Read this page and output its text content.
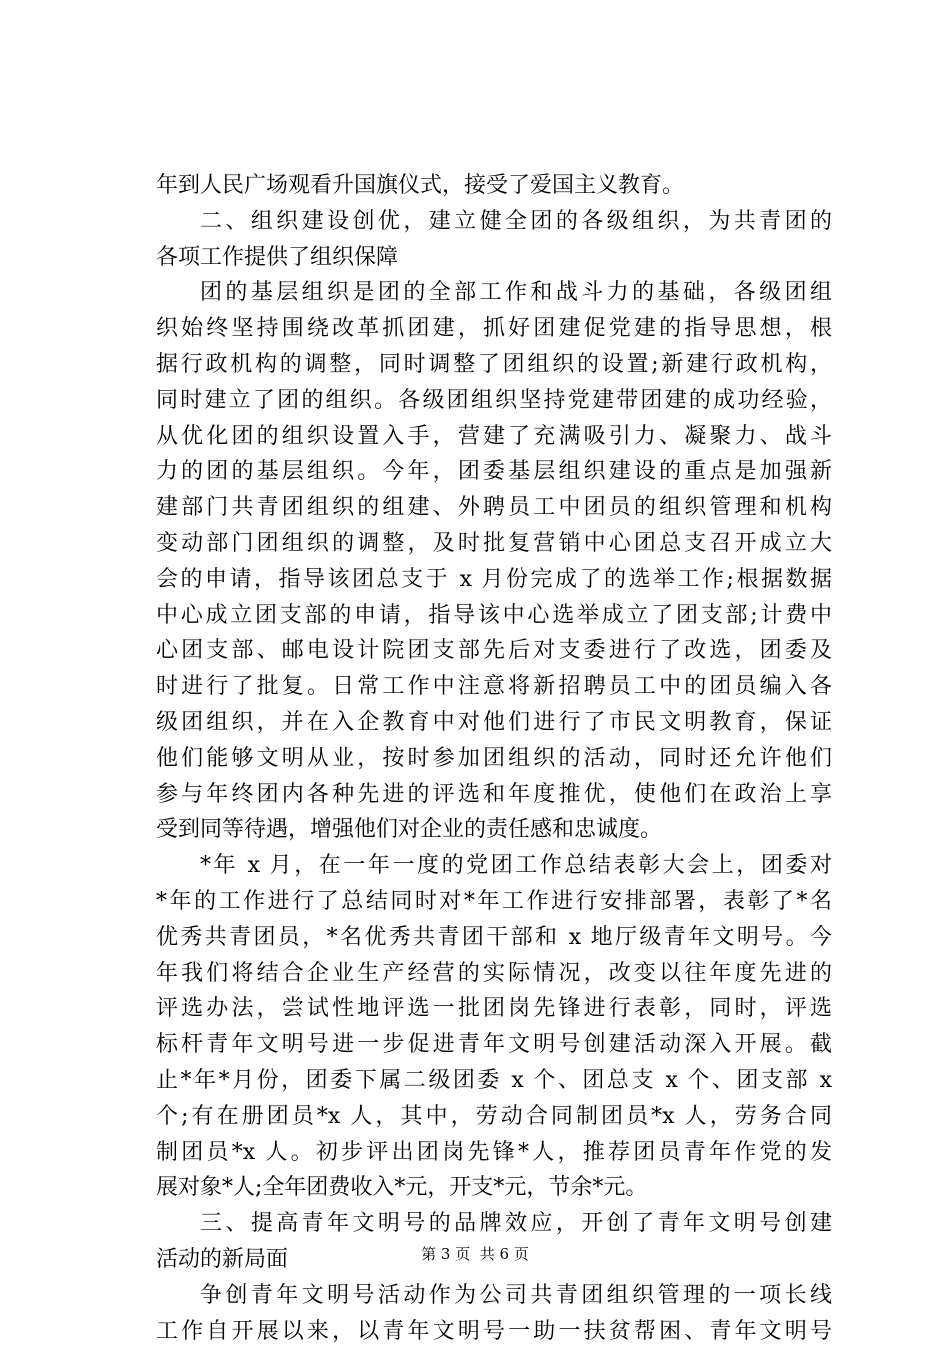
年到人民广场观看升国旗仪式，接受了爱国主义教育。
二、组织建设创优，建立健全团的各级组织，为共青团的
各项工作提供了组织保障
团的基层组织是团的全部工作和战斗力的基础，各级团组
织始终坚持围绕改革抓团建，抓好团建促党建的指导思想，根
据行政机构的调整，同时调整了团组织的设置;新建行政机构，
同时建立了团的组织。各级团组织坚持党建带团建的成功经验，
从优化团的组织设置入手，营建了充满吸引力、凝聚力、战斗
力的团的基层组织。今年，团委基层组织建设的重点是加强新
建部门共青团组织的组建、外聘员工中团员的组织管理和机构
变动部门团组织的调整，及时批复营销中心团总支召开成立大
会的申请，指导该团总支于 x 月份完成了的选举工作;根据数据
中心成立团支部的申请，指导该中心选举成立了团支部;计费中
心团支部、邮电设计院团支部先后对支委进行了改选，团委及
时进行了批复。日常工作中注意将新招聘员工中的团员编入各
级团组织，并在入企教育中对他们进行了市民文明教育，保证
他们能够文明从业，按时参加团组织的活动，同时还允许他们
参与年终团内各种先进的评选和年度推优，使他们在政治上享
受到同等待遇，增强他们对企业的责任感和忠诚度。
*年 x 月，在一年一度的党团工作总结表彰大会上，团委对
*年的工作进行了总结同时对*年工作进行安排部署，表彰了*名
优秀共青团员，*名优秀共青团干部和 x 地厅级青年文明号。今
年我们将结合企业生产经营的实际情况，改变以往年度先进的
评选办法，尝试性地评选一批团岗先锋进行表彰，同时，评选
标杆青年文明号进一步促进青年文明号创建活动深入开展。截
止*年*月份，团委下属二级团委 x 个、团总支 x 个、团支部 x
个;有在册团员*x 人，其中，劳动合同制团员*x 人，劳务合同
制团员*x 人。初步评出团岗先锋*人，推荐团员青年作党的发
展对象*人;全年团费收入*元，开支*元，节余*元。
三、提高青年文明号的品牌效应，开创了青年文明号创建
活动的新局面
争创青年文明号活动作为公司共青团组织管理的一项长线
工作自开展以来，以青年文明号一助一扶贫帮困、青年文明号
第 3 页  共 6 页
